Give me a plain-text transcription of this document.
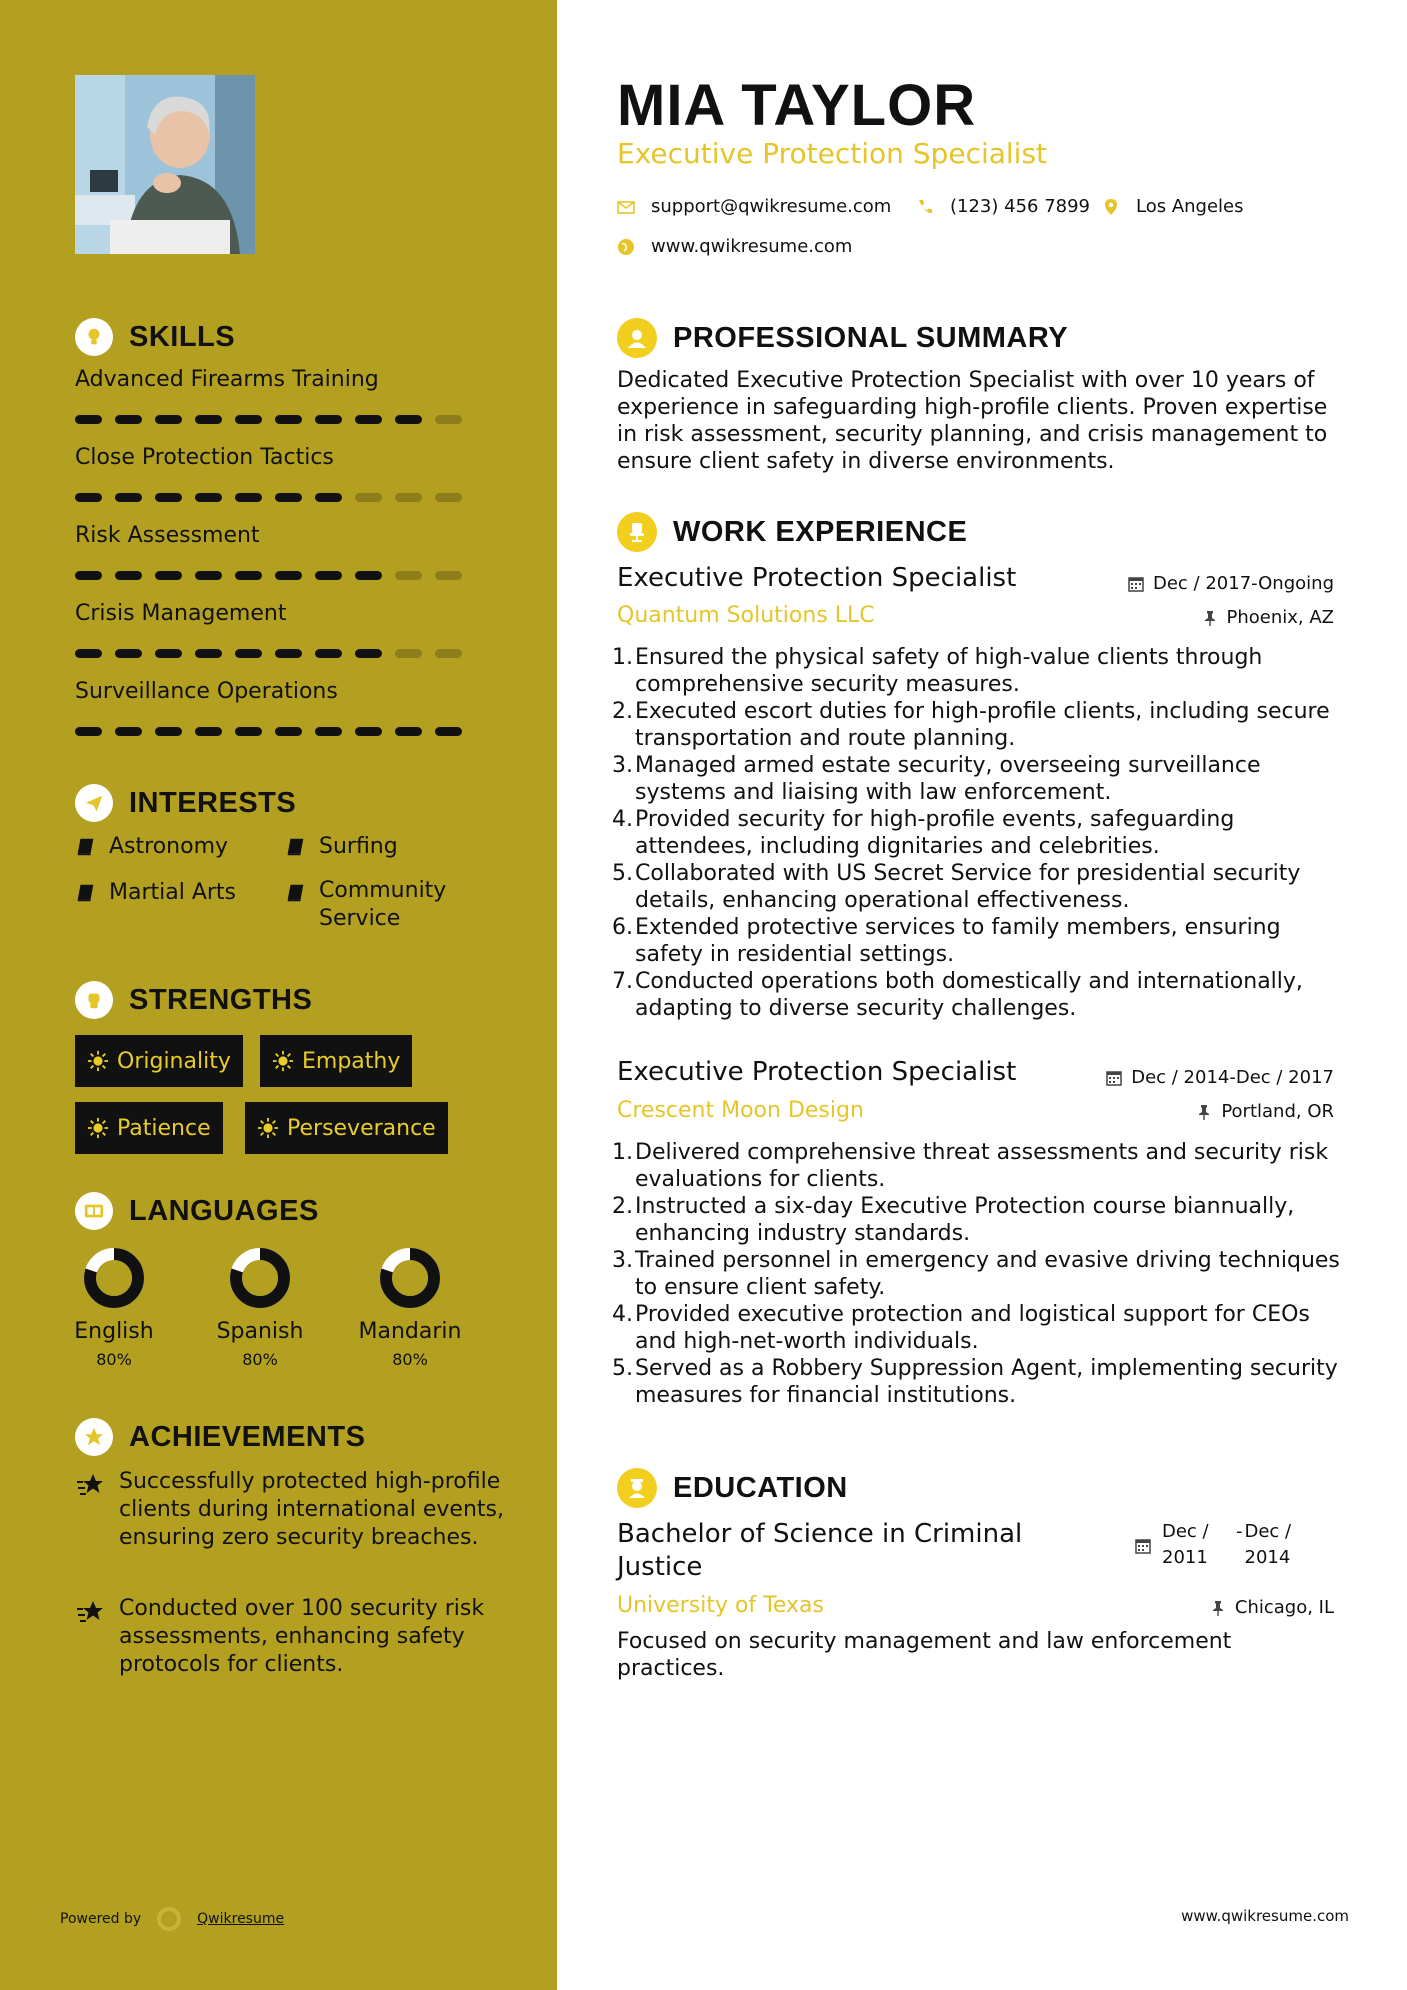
SKILLS
Advanced Firearms Training
Close Protection Tactics
Risk Assessment
Crisis Management
Surveillance Operations
INTERESTS
Astronomy	Surfing
Martial Arts	Community Service
STRENGTHS
Originality	Empathy
Patience	Perseverance
LANGUAGES
English
80%
Spanish
80%
Mandarin
80%
ACHIEVEMENTS
Successfully protected high-profile clients during international events, ensuring zero security breaches.
Conducted over 100 security risk assessments, enhancing safety protocols for clients.
Powered by	Qwikresume
MIA TAYLOR
Executive Protection Specialist
support@qwikresume.com	(123) 456 7899	Los Angeles
www.qwikresume.com
PROFESSIONAL SUMMARY
Dedicated Executive Protection Specialist with over 10 years of experience in safeguarding high-profile clients. Proven expertise in risk assessment, security planning, and crisis management to ensure client safety in diverse environments.
WORK EXPERIENCE
Executive Protection Specialist	Dec / 2017-Ongoing
Quantum Solutions LLC	Phoenix, AZ
Ensured the physical safety of high-value clients through comprehensive security measures.
Executed escort duties for high-profile clients, including secure transportation and route planning.
Managed armed estate security, overseeing surveillance systems and liaising with law enforcement.
Provided security for high-profile events, safeguarding attendees, including dignitaries and celebrities.
Collaborated with US Secret Service for presidential security details, enhancing operational effectiveness.
Extended protective services to family members, ensuring safety in residential settings.
Conducted operations both domestically and internationally, adapting to diverse security challenges.
Executive Protection Specialist	Dec / 2014-Dec / 2017
Crescent Moon Design	Portland, OR
Delivered comprehensive threat assessments and security risk evaluations for clients.
Instructed a six-day Executive Protection course biannually, enhancing industry standards.
Trained personnel in emergency and evasive driving techniques to ensure client safety.
Provided executive protection and logistical support for CEOs and high-net-worth individuals.
Served as a Robbery Suppression Agent, implementing security measures for financial institutions.
EDUCATION
Bachelor of Science in Criminal Justice
Dec /
2011
- Dec /
2014
University of Texas	Chicago, IL
Focused on security management and law enforcement practices.
www.qwikresume.com
